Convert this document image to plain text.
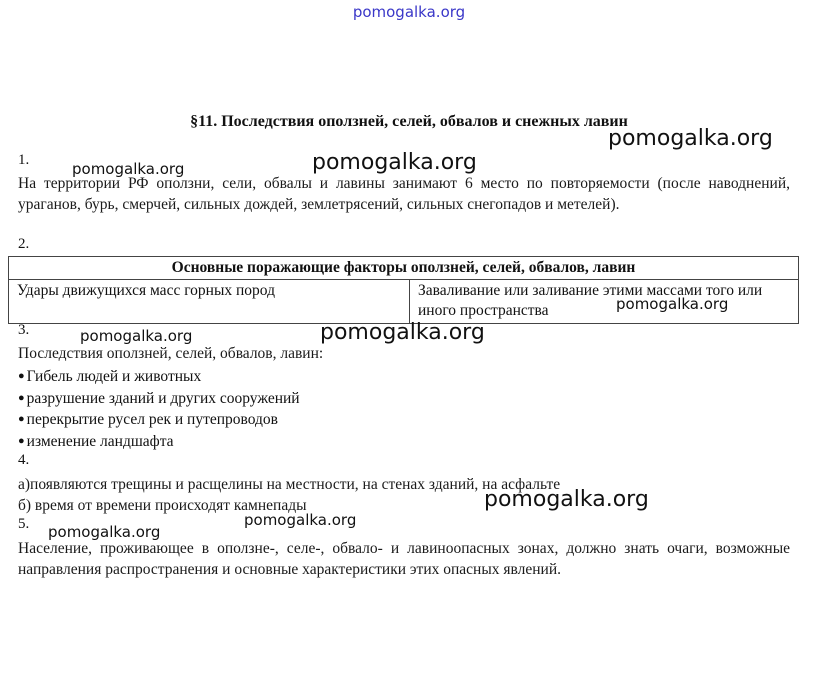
pomogalka.org
§11. Последствия оползней, селей, обвалов и снежных лавин
1.
На территории РФ оползни, сели, обвалы и лавины занимают 6 место по повторяемости (после наводнений, ураганов, бурь, смерчей, сильных дождей, землетрясений, сильных снегопадов и метелей).
2.
Основные поражающие факторы оползней, селей, обвалов, лавин
Удары движущихся масс горных пород	Заваливание или заливание этими массами того или иного пространства
3.
Последствия оползней, селей, обвалов, лавин:
● Гибель людей и животных
● разрушение зданий и других сооружений
● перекрытие русел рек и путепроводов
● изменение ландшафта
4.
а)появляются трещины и расщелины на местности, на стенах зданий, на асфальте
б) время от времени происходят камнепады
5.
Население, проживающее в оползне-, селе-, обвало- и лавиноопасных зонах, должно знать очаги, возможные направления распространения и основные характеристики этих опасных явлений.
pomogalka.org
pomogalka.org	pomogalka.org
pomogalka.org
pomogalka.org	pomogalka.org
pomogalka.org
pomogalka.org
pomogalka.org
